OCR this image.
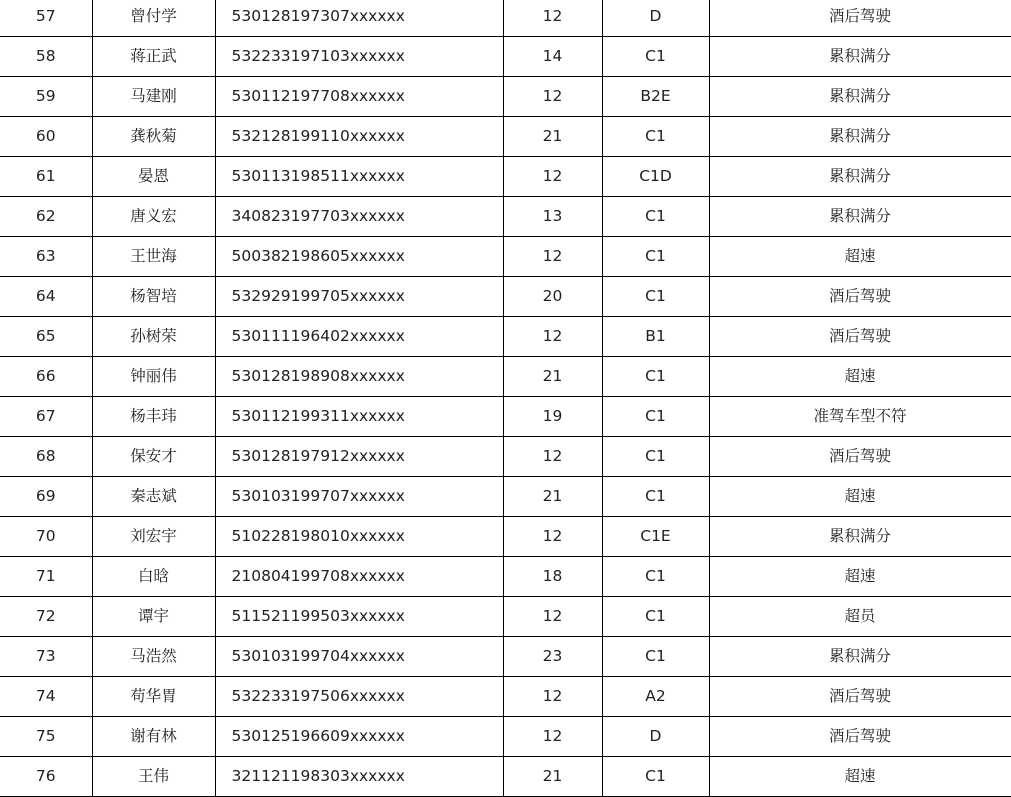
57	曾付学	530128197307xxxxxx	12	D	酒后驾驶
58	蒋正武	532233197103xxxxxx	14	C1	累积满分
59	马建刚	530112197708xxxxxx	12	B2E	累积满分
60	龚秋菊	532128199110xxxxxx	21	C1	累积满分
61	晏恩	530113198511xxxxxx	12	C1D	累积满分
62	唐义宏	340823197703xxxxxx	13	C1	累积满分
63	王世海	500382198605xxxxxx	12	C1	超速
64	杨智培	532929199705xxxxxx	20	C1	酒后驾驶
65	孙树荣	530111196402xxxxxx	12	B1	酒后驾驶
66	钟丽伟	530128198908xxxxxx	21	C1	超速
67	杨丰玮	530112199311xxxxxx	19	C1	准驾车型不符
68	保安才	530128197912xxxxxx	12	C1	酒后驾驶
69	秦志斌	530103199707xxxxxx	21	C1	超速
70	刘宏宇	510228198010xxxxxx	12	C1E	累积满分
71	白晗	210804199708xxxxxx	18	C1	超速
72	谭宇	511521199503xxxxxx	12	C1	超员
73	马浩然	530103199704xxxxxx	23	C1	累积满分
74	苟华胃	532233197506xxxxxx	12	A2	酒后驾驶
75	谢有林	530125196609xxxxxx	12	D	酒后驾驶
76	王伟	321121198303xxxxxx	21	C1	超速
